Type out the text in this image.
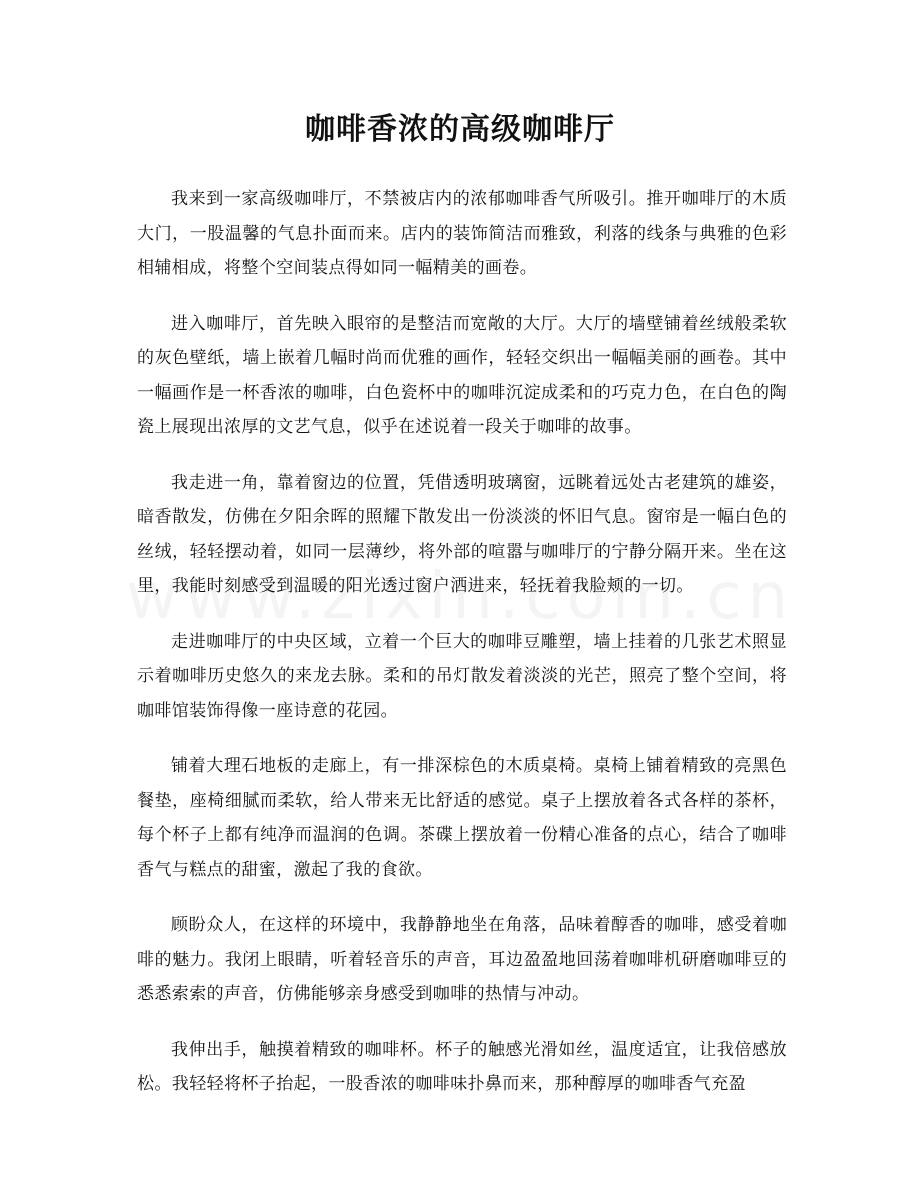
咖啡香浓的高级咖啡厅

我来到一家高级咖啡厅，不禁被店内的浓郁咖啡香气所吸引。推开咖啡厅的木质大门，一股温馨的气息扑面而来。店内的装饰简洁而雅致，利落的线条与典雅的色彩相辅相成，将整个空间装点得如同一幅精美的画卷。

进入咖啡厅，首先映入眼帘的是整洁而宽敞的大厅。大厅的墙壁铺着丝绒般柔软的灰色壁纸，墙上嵌着几幅时尚而优雅的画作，轻轻交织出一幅幅美丽的画卷。其中一幅画作是一杯香浓的咖啡，白色瓷杯中的咖啡沉淀成柔和的巧克力色，在白色的陶瓷上展现出浓厚的文艺气息，似乎在述说着一段关于咖啡的故事。

我走进一角，靠着窗边的位置，凭借透明玻璃窗，远眺着远处古老建筑的雄姿，暗香散发，仿佛在夕阳余晖的照耀下散发出一份淡淡的怀旧气息。窗帘是一幅白色的丝绒，轻轻摆动着，如同一层薄纱，将外部的喧嚣与咖啡厅的宁静分隔开来。坐在这里，我能时刻感受到温暖的阳光透过窗户洒进来，轻抚着我脸颊的一切。

走进咖啡厅的中央区域，立着一个巨大的咖啡豆雕塑，墙上挂着的几张艺术照显示着咖啡历史悠久的来龙去脉。柔和的吊灯散发着淡淡的光芒，照亮了整个空间，将咖啡馆装饰得像一座诗意的花园。

铺着大理石地板的走廊上，有一排深棕色的木质桌椅。桌椅上铺着精致的亮黑色餐垫，座椅细腻而柔软，给人带来无比舒适的感觉。桌子上摆放着各式各样的茶杯，每个杯子上都有纯净而温润的色调。茶碟上摆放着一份精心准备的点心，结合了咖啡香气与糕点的甜蜜，激起了我的食欲。

顾盼众人，在这样的环境中，我静静地坐在角落，品味着醇香的咖啡，感受着咖啡的魅力。我闭上眼睛，听着轻音乐的声音，耳边盈盈地回荡着咖啡机研磨咖啡豆的悉悉索索的声音，仿佛能够亲身感受到咖啡的热情与冲动。

我伸出手，触摸着精致的咖啡杯。杯子的触感光滑如丝，温度适宜，让我倍感放松。我轻轻将杯子抬起，一股香浓的咖啡味扑鼻而来，那种醇厚的咖啡香气充盈
